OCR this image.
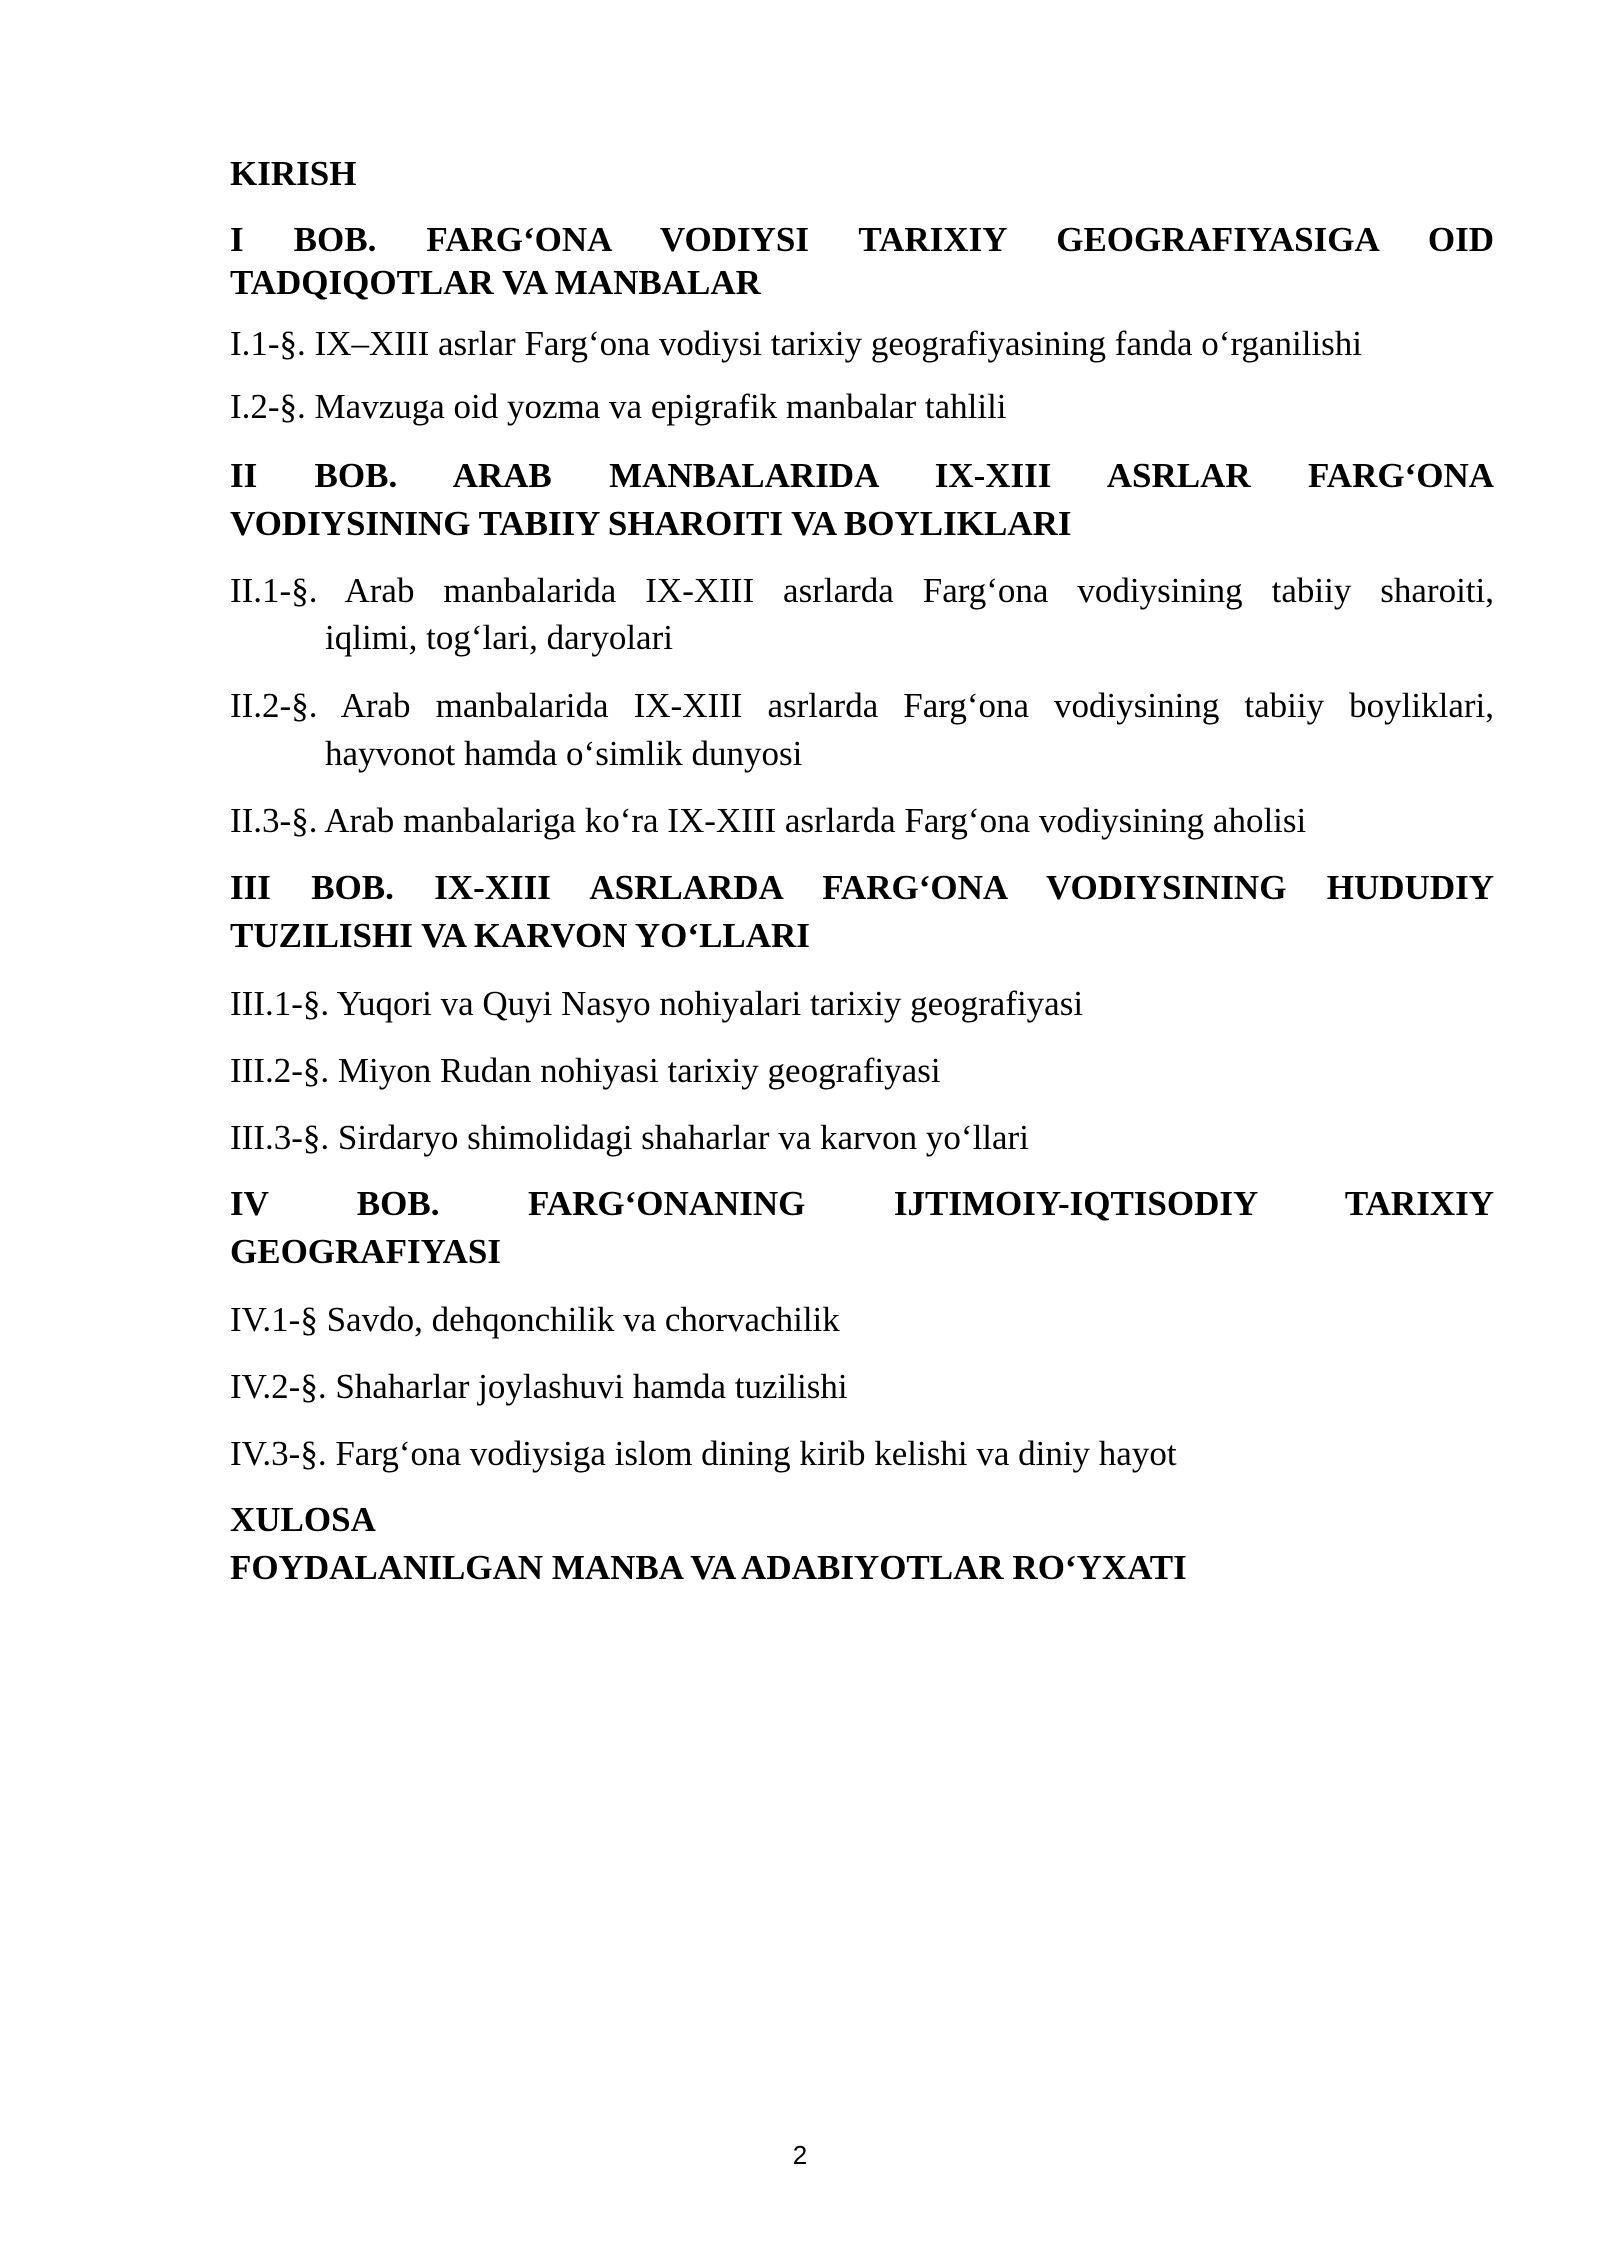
KIRISH
I BOB. FARG‘ONA VODIYSI TARIXIY GEOGRAFIYASIGA OID
TADQIQOTLAR VA MANBALAR
I.1-§. IX–XIII asrlar Farg‘ona vodiysi tarixiy geografiyasining fanda o‘rganilishi
I.2-§. Mavzuga oid yozma va epigrafik manbalar tahlili
II BOB. ARAB MANBALARIDA IX-XIII ASRLAR FARG‘ONA
VODIYSINING TABIIY SHAROITI VA BOYLIKLARI
II.1-§. Arab manbalarida IX-XIII asrlarda Farg‘ona vodiysining tabiiy sharoiti,
iqlimi, tog‘lari, daryolari
II.2-§. Arab manbalarida IX-XIII asrlarda Farg‘ona vodiysining tabiiy boyliklari,
hayvonot hamda o‘simlik dunyosi
II.3-§. Arab manbalariga ko‘ra IX-XIII asrlarda Farg‘ona vodiysining aholisi
III BOB. IX-XIII ASRLARDA FARG‘ONA VODIYSINING HUDUDIY
TUZILISHI VA KARVON YO‘LLARI
III.1-§. Yuqori va Quyi Nasyo nohiyalari tarixiy geografiyasi
III.2-§. Miyon Rudan nohiyasi tarixiy geografiyasi
III.3-§. Sirdaryo shimolidagi shaharlar va karvon yo‘llari
IV BOB. FARG‘ONANING IJTIMOIY-IQTISODIY TARIXIY
GEOGRAFIYASI
IV.1-§ Savdo, dehqonchilik va chorvachilik
IV.2-§. Shaharlar joylashuvi hamda tuzilishi
IV.3-§. Farg‘ona vodiysiga islom dining kirib kelishi va diniy hayot
XULOSA
FOYDALANILGAN MANBA VA ADABIYOTLAR RO‘YXATI
2
